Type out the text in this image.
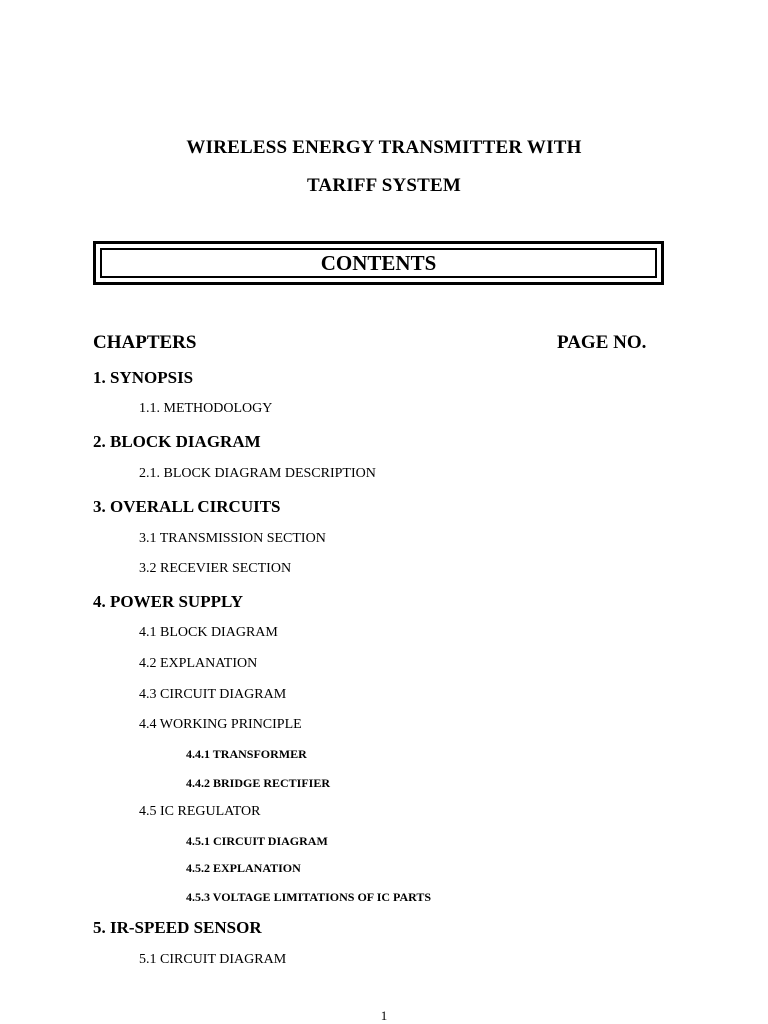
WIRELESS ENERGY TRANSMITTER WITH
TARIFF SYSTEM
CONTENTS
CHAPTERS	PAGE NO.
1. SYNOPSIS
1.1. METHODOLOGY
2. BLOCK DIAGRAM
2.1. BLOCK DIAGRAM DESCRIPTION
3. OVERALL CIRCUITS
3.1 TRANSMISSION SECTION
3.2 RECEVIER SECTION
4. POWER SUPPLY
4.1 BLOCK DIAGRAM
4.2 EXPLANATION
4.3 CIRCUIT DIAGRAM
4.4 WORKING PRINCIPLE
4.4.1 TRANSFORMER
4.4.2 BRIDGE RECTIFIER
4.5 IC REGULATOR
4.5.1 CIRCUIT DIAGRAM
4.5.2 EXPLANATION
4.5.3 VOLTAGE LIMITATIONS OF IC PARTS
5. IR-SPEED SENSOR
5.1 CIRCUIT DIAGRAM
1
